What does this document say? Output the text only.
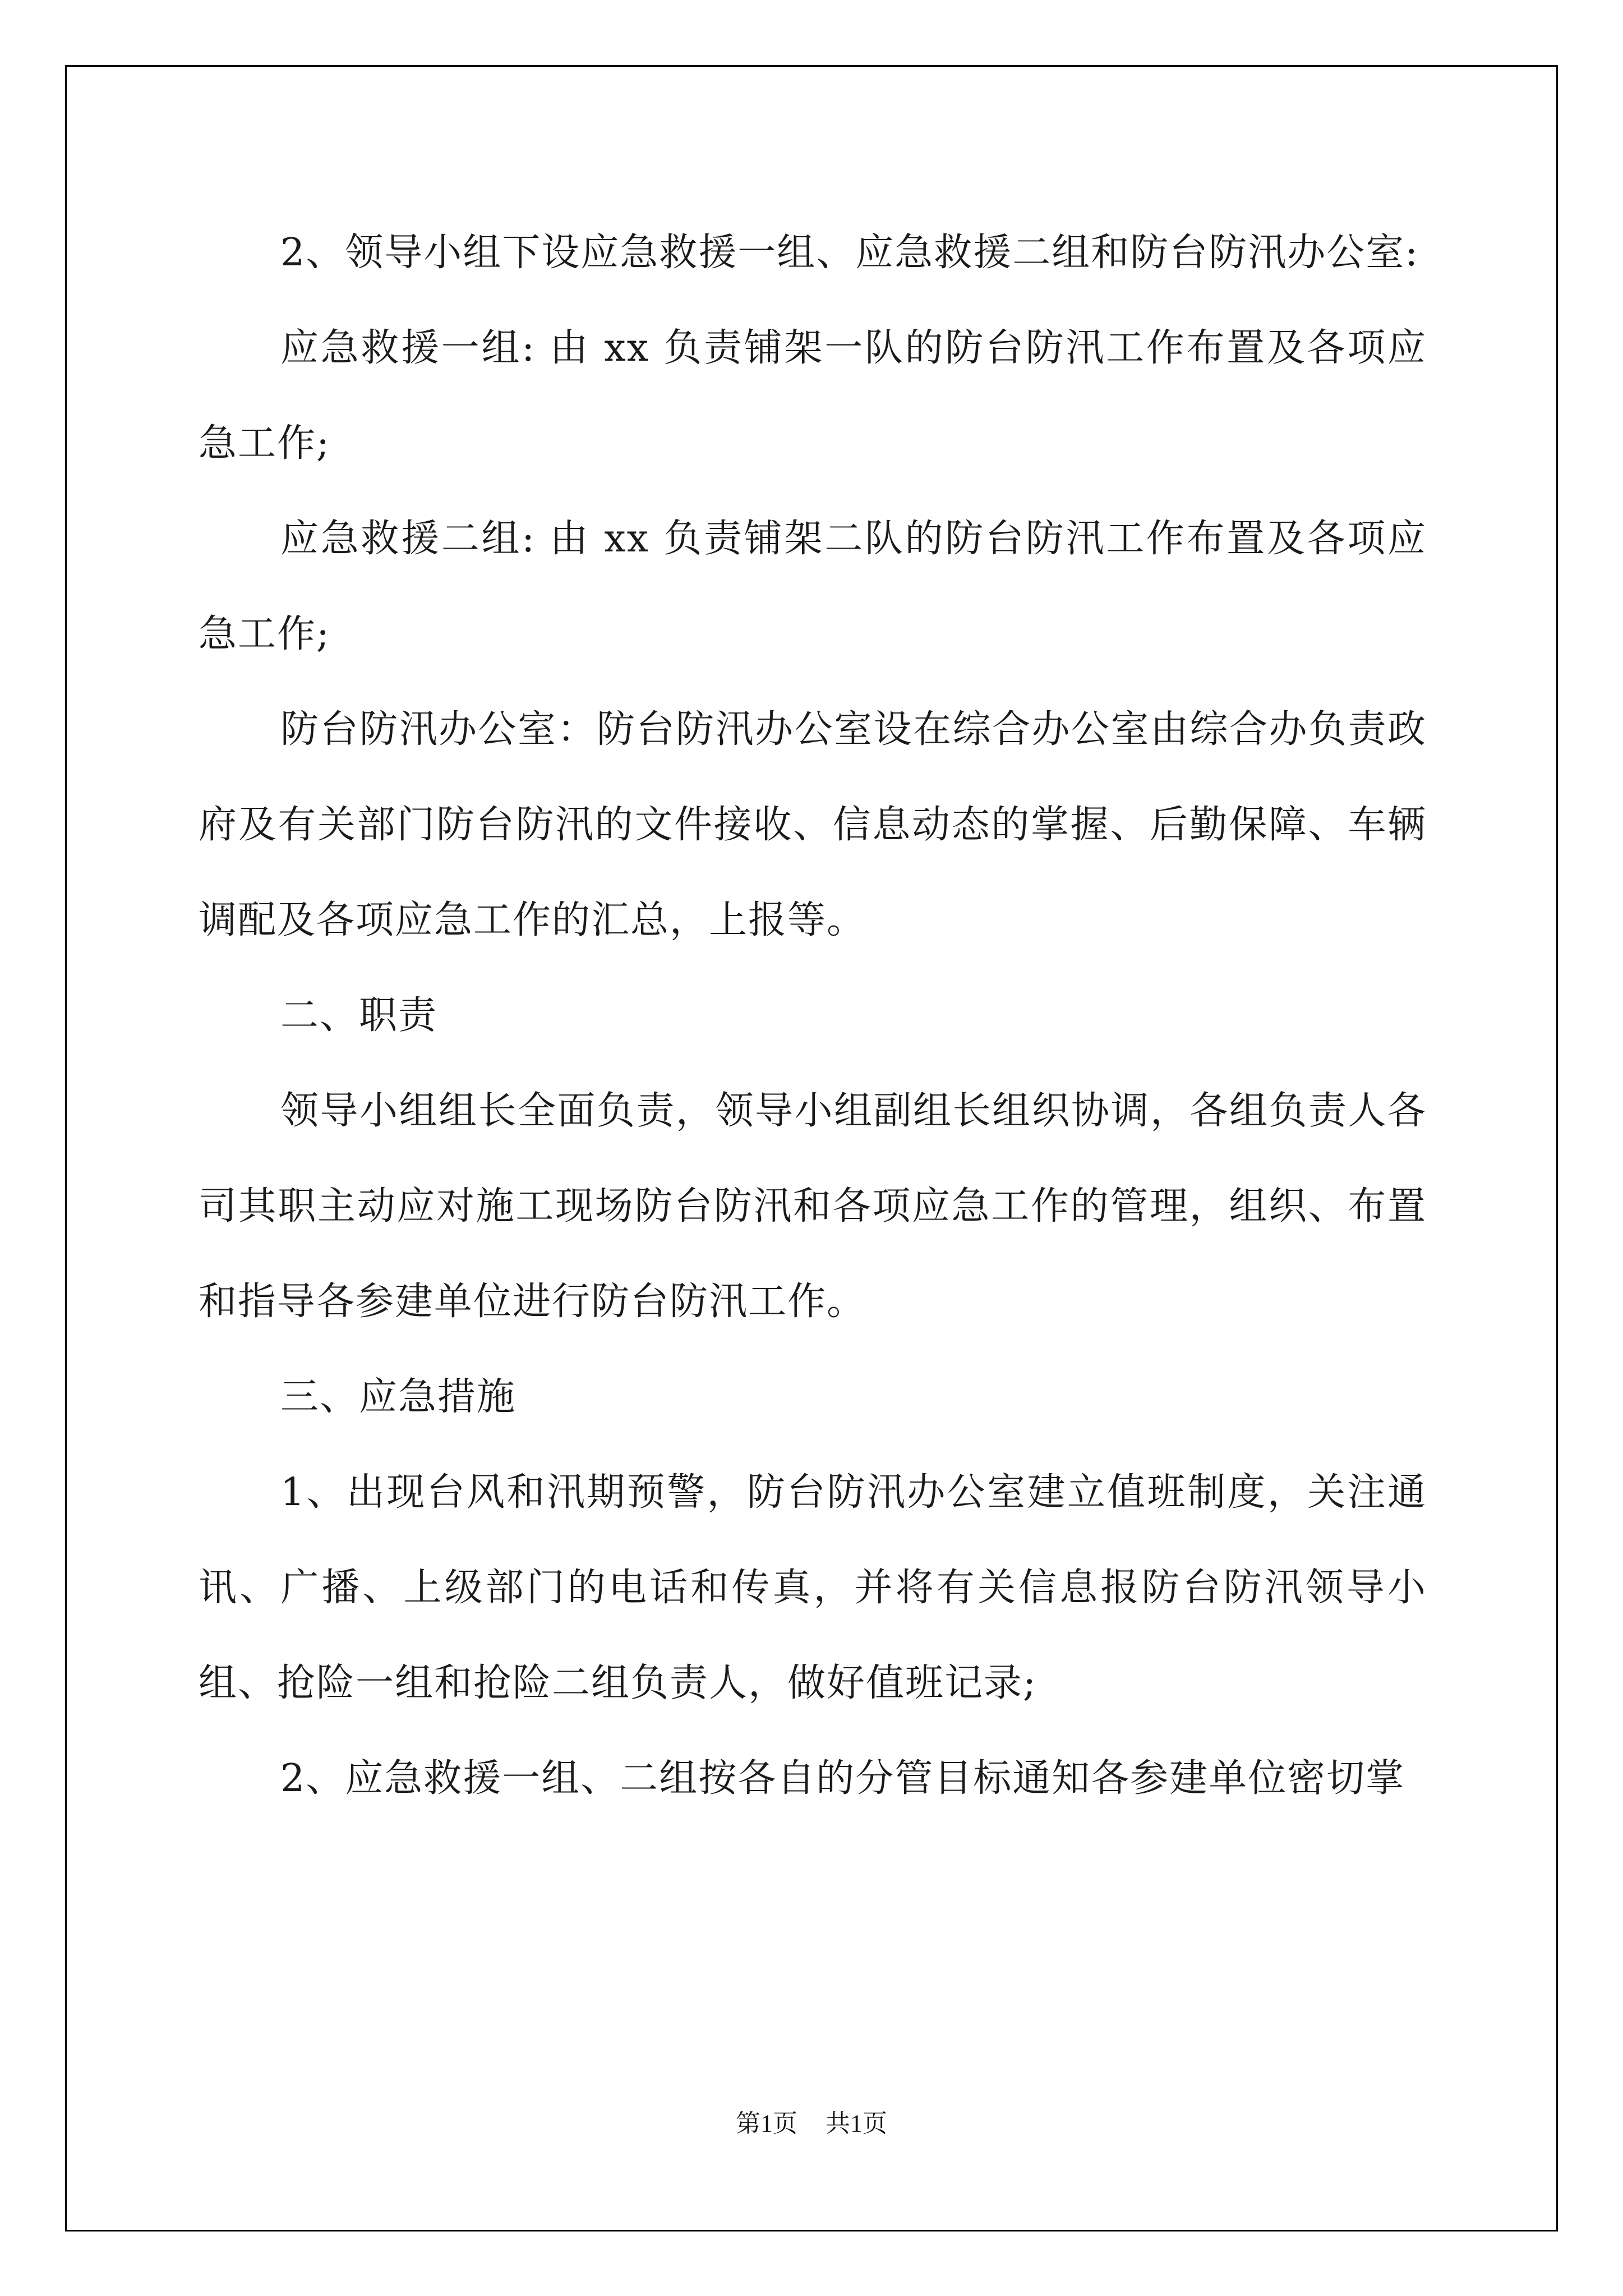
2、领导小组下设应急救援一组、应急救援二组和防台防汛办公室:

应急救援一组: 由 xx 负责铺架一队的防台防汛工作布置及各项应急工作;

应急救援二组: 由 xx 负责铺架二队的防台防汛工作布置及各项应急工作;

防台防汛办公室：防台防汛办公室设在综合办公室由综合办负责政府及有关部门防台防汛的文件接收、信息动态的掌握、后勤保障、车辆调配及各项应急工作的汇总，上报等。

二、职责

领导小组组长全面负责，领导小组副组长组织协调，各组负责人各司其职主动应对施工现场防台防汛和各项应急工作的管理，组织、布置和指导各参建单位进行防台防汛工作。

三、应急措施

1、出现台风和汛期预警，防台防汛办公室建立值班制度，关注通讯、广播、上级部门的电话和传真，并将有关信息报防台防汛领导小组、抢险一组和抢险二组负责人，做好值班记录;

2、应急救援一组、二组按各自的分管目标通知各参建单位密切掌

第1页 共1页
